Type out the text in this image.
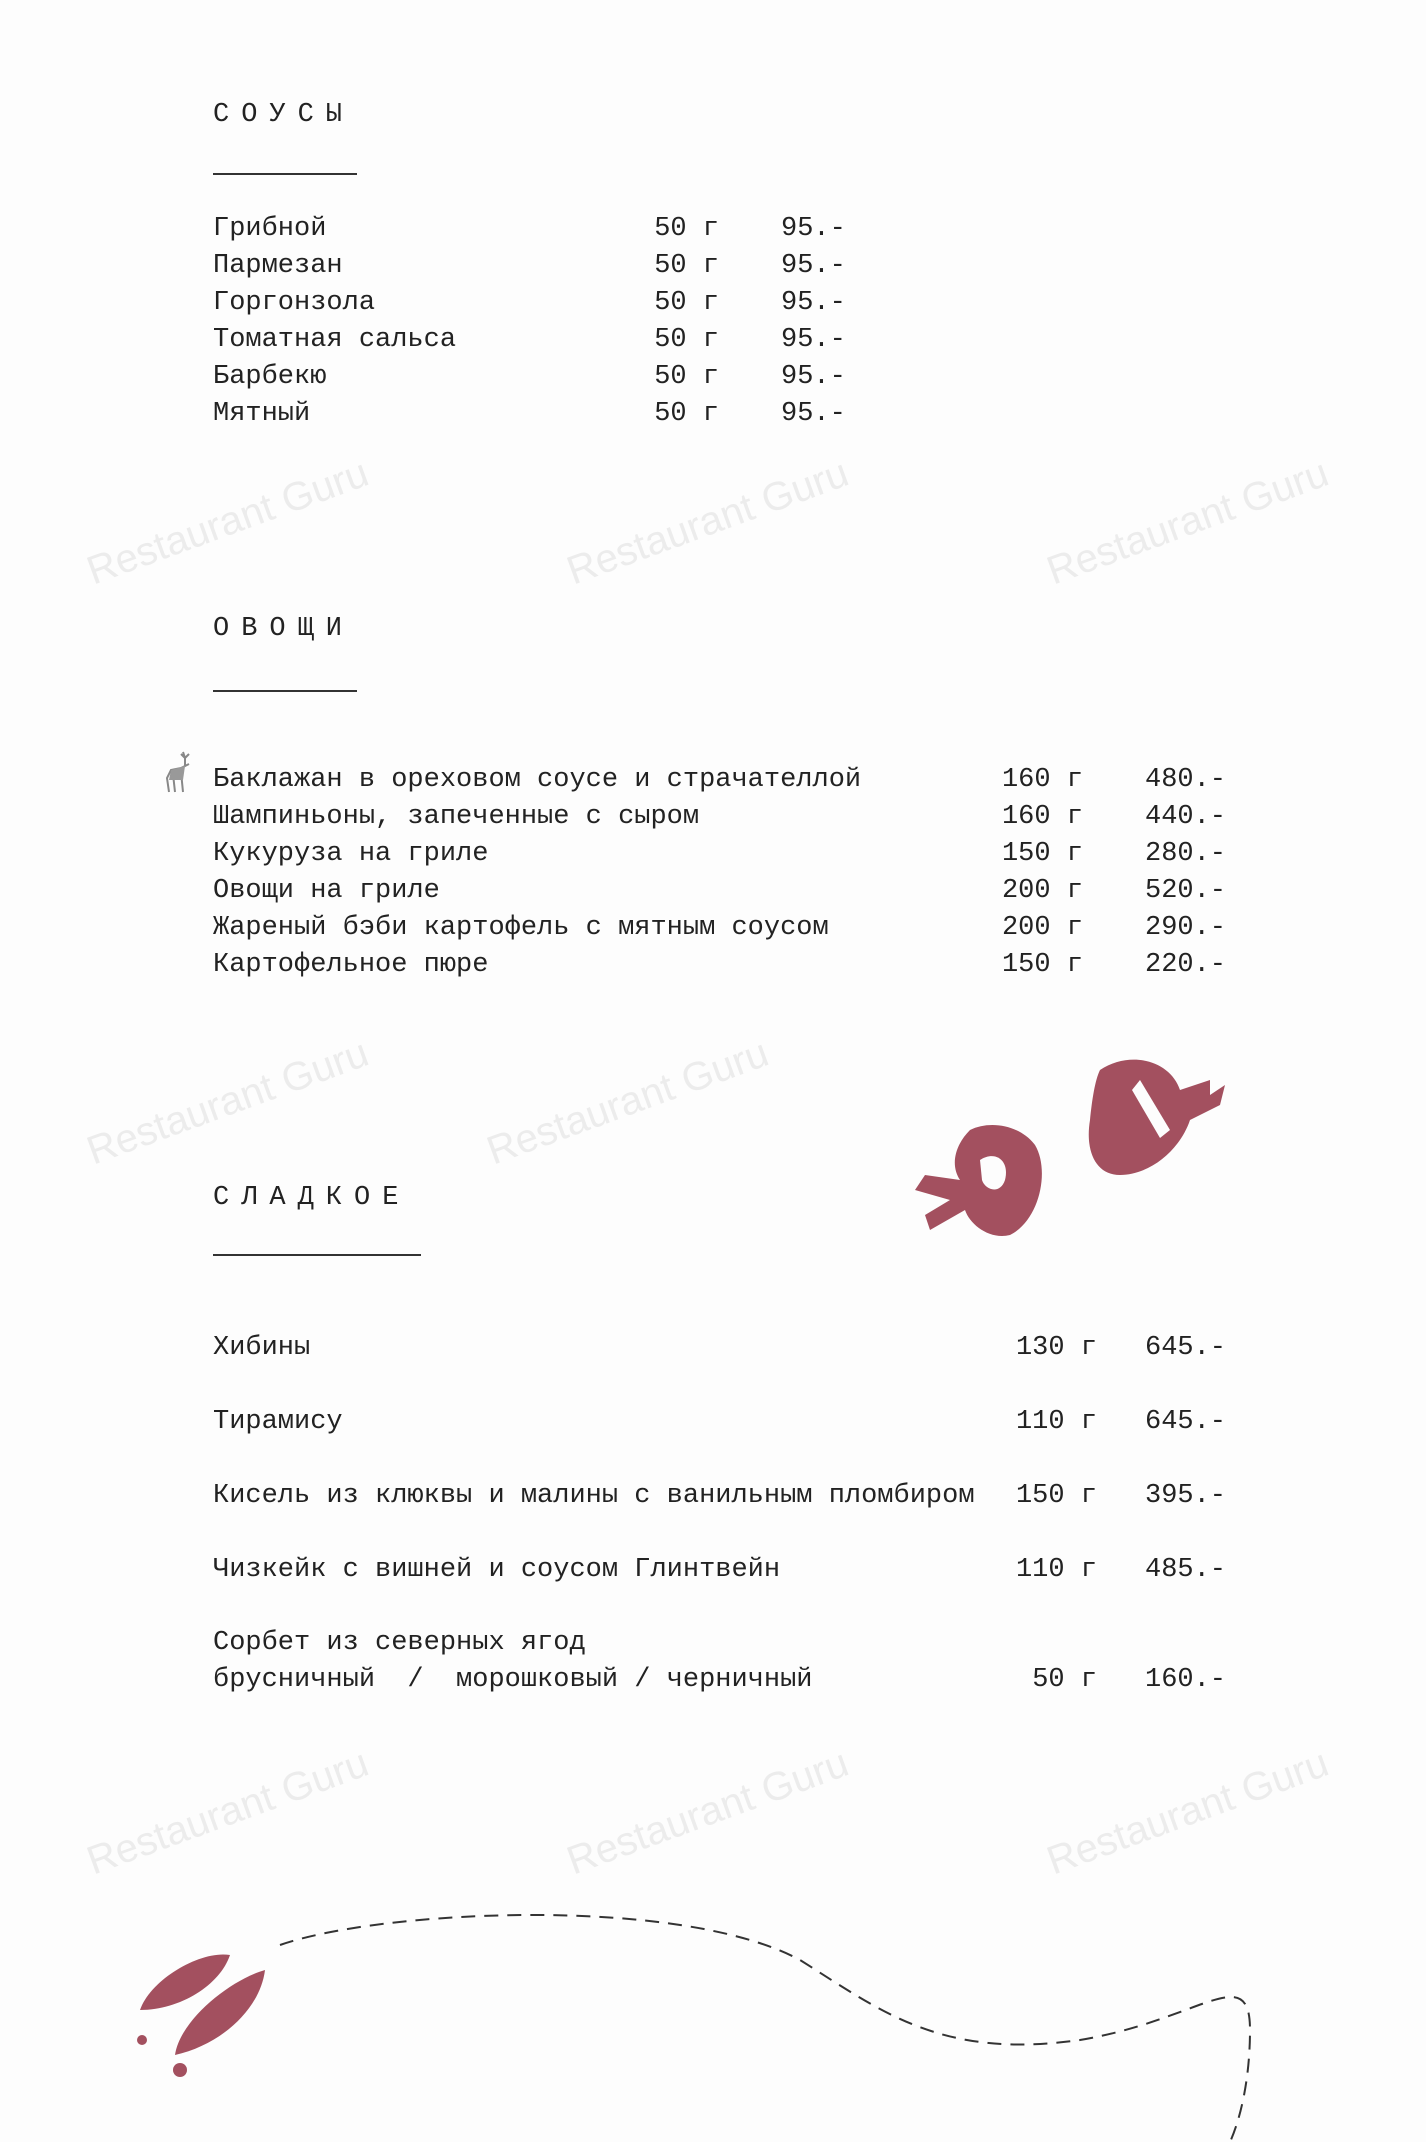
Restaurant Guru	Restaurant Guru	Restaurant Guru
Restaurant Guru	Restaurant Guru
Restaurant Guru	Restaurant Guru	Restaurant Guru
СОУСЫ
Грибной	50 г 95.-
Пармезан	50 г 95.-
Горгонзола	50 г 95.-
Томатная сальса	50 г 95.-
Барбекю	50 г 95.-
Мятный	50 г 95.-
ОВОЩИ
Баклажан в ореховом соусе и страчателлой	160 г 480.-
Шампиньоны, запеченные с сыром	160 г 440.-
Кукуруза на гриле	150 г 280.-
Овощи на гриле	200 г 520.-
Жареный бэби картофель с мятным соусом	200 г 290.-
Картофельное пюре	150 г 220.-
СЛАДКОЕ
Хибины	130 г 645.-
Тирамису	110 г 645.-
Кисель из клюквы и малины с ванильным пломбиром 150 г 395.-
Чизкейк с вишней и соусом Глинтвейн	110 г 485.-
Сорбет из северных ягод
брусничный  /  морошковый / черничный	50 г 160.-
